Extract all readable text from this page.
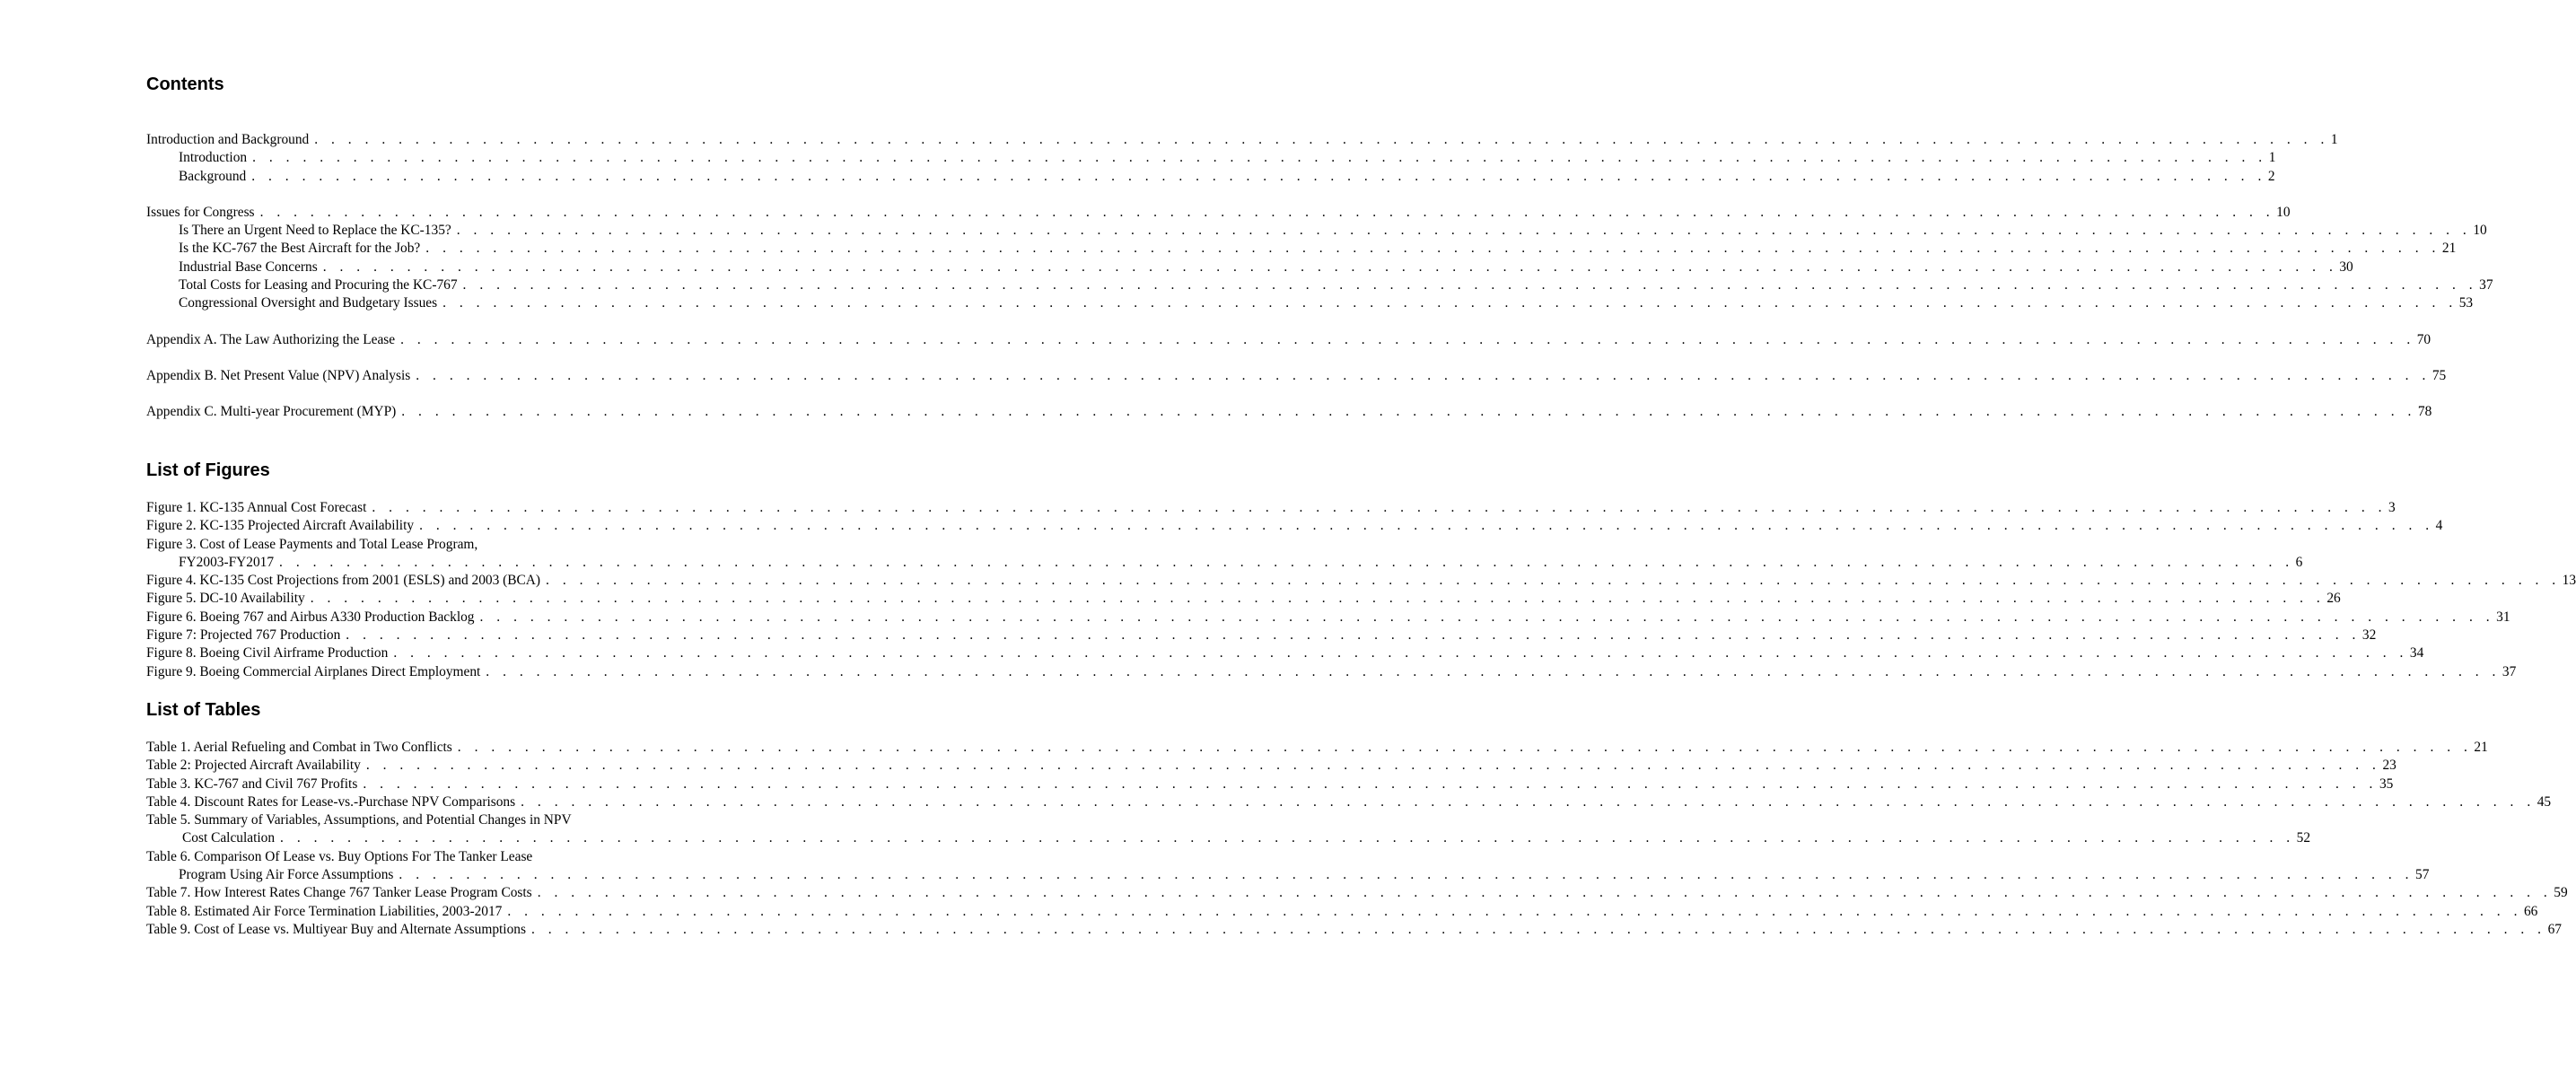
Contents
Introduction and Background . . . . . . . . . . . . . . . . . . . . . . . . . . . . . . . . . . . . . . . . . . . . . . . . . . . . . . . . . . . . . . . . . . . . . . . . . . . . . . . . . . . . . . . . . . . . . . . . . . . . . . . . . . . . . . . . . . . . . . . . 1
Introduction . . . . . . . . . . . . . . . . . . . . . . . . . . . . . . . . . . . . . . . . . . . . . . . . . . . . . . . . . . . . . . . . . . . . . . . . . . . . . . . . . . . . . . . . . . . . . . . . . . . . . . . . . . . . . . . . . . . . . . . . 1
Background . . . . . . . . . . . . . . . . . . . . . . . . . . . . . . . . . . . . . . . . . . . . . . . . . . . . . . . . . . . . . . . . . . . . . . . . . . . . . . . . . . . . . . . . . . . . . . . . . . . . . . . . . . . . . . . . . . . . . . . . 2
Issues for Congress . . . . . . . . . . . . . . . . . . . . . . . . . . . . . . . . . . . . . . . . . . . . . . . . . . . . . . . . . . . . . . . . . . . . . . . . . . . . . . . . . . . . . . . . . . . . . . . . . . . . . . . . . . . . . . . . . . . . . . . . 10
Is There an Urgent Need to Replace the KC-135? . . . . . . . . . . . . . . . . . . . . . . . . . . . . . . . . . . . . . . . . . . . . . . . . . . . . . . . . . . . . . . . . . . . . . . . . . . . . . . . . . . . . . . . . . . . . . . . . . . . . . . . . . . . . . . . . . . . . . . . . 10
Is the KC-767 the Best Aircraft for the Job? . . . . . . . . . . . . . . . . . . . . . . . . . . . . . . . . . . . . . . . . . . . . . . . . . . . . . . . . . . . . . . . . . . . . . . . . . . . . . . . . . . . . . . . . . . . . . . . . . . . . . . . . . . . . . . . . . . . . . . . . 21
Industrial Base Concerns . . . . . . . . . . . . . . . . . . . . . . . . . . . . . . . . . . . . . . . . . . . . . . . . . . . . . . . . . . . . . . . . . . . . . . . . . . . . . . . . . . . . . . . . . . . . . . . . . . . . . . . . . . . . . . . . . . . . . . . . 30
Total Costs for Leasing and Procuring the KC-767 . . . . . . . . . . . . . . . . . . . . . . . . . . . . . . . . . . . . . . . . . . . . . . . . . . . . . . . . . . . . . . . . . . . . . . . . . . . . . . . . . . . . . . . . . . . . . . . . . . . . . . . . . . . . . . . . . . . . . . . . 37
Congressional Oversight and Budgetary Issues . . . . . . . . . . . . . . . . . . . . . . . . . . . . . . . . . . . . . . . . . . . . . . . . . . . . . . . . . . . . . . . . . . . . . . . . . . . . . . . . . . . . . . . . . . . . . . . . . . . . . . . . . . . . . . . . . . . . . . . . 53
Appendix A. The Law Authorizing the Lease . . . . . . . . . . . . . . . . . . . . . . . . . . . . . . . . . . . . . . . . . . . . . . . . . . . . . . . . . . . . . . . . . . . . . . . . . . . . . . . . . . . . . . . . . . . . . . . . . . . . . . . . . . . . . . . . . . . . . . . . 70
Appendix B. Net Present Value (NPV) Analysis . . . . . . . . . . . . . . . . . . . . . . . . . . . . . . . . . . . . . . . . . . . . . . . . . . . . . . . . . . . . . . . . . . . . . . . . . . . . . . . . . . . . . . . . . . . . . . . . . . . . . . . . . . . . . . . . . . . . . . . . 75
Appendix C. Multi-year Procurement (MYP) . . . . . . . . . . . . . . . . . . . . . . . . . . . . . . . . . . . . . . . . . . . . . . . . . . . . . . . . . . . . . . . . . . . . . . . . . . . . . . . . . . . . . . . . . . . . . . . . . . . . . . . . . . . . . . . . . . . . . . . . 78
List of Figures
Figure 1. KC-135 Annual Cost Forecast . . . . . . . . . . . . . . . . . . . . . . . . . . . . . . . . . . . . . . . . . . . . . . . . . . . . . . . . . . . . . . . . . . . . . . . . . . . . . . . . . . . . . . . . . . . . . . . . . . . . . . . . . . . . . . . . . . . . . . . . 3
Figure 2. KC-135 Projected Aircraft Availability . . . . . . . . . . . . . . . . . . . . . . . . . . . . . . . . . . . . . . . . . . . . . . . . . . . . . . . . . . . . . . . . . . . . . . . . . . . . . . . . . . . . . . . . . . . . . . . . . . . . . . . . . . . . . . . . . . . . . . . . 4
Figure 3. Cost of Lease Payments and Total Lease Program,
FY2003-FY2017 . . . . . . . . . . . . . . . . . . . . . . . . . . . . . . . . . . . . . . . . . . . . . . . . . . . . . . . . . . . . . . . . . . . . . . . . . . . . . . . . . . . . . . . . . . . . . . . . . . . . . . . . . . . . . . . . . . . . . . . . 6
Figure 4. KC-135 Cost Projections from 2001 (ESLS) and 2003 (BCA) . . . . . . . . . . . . . . . . . . . . . . . . . . . . . . . . . . . . . . . . . . . . . . . . . . . . . . . . . . . . . . . . . . . . . . . . . . . . . . . . . . . . . . . . . . . . . . . . . . . . . . . . . . . . . . . . . . . . . . . . 13
Figure 5. DC-10 Availability . . . . . . . . . . . . . . . . . . . . . . . . . . . . . . . . . . . . . . . . . . . . . . . . . . . . . . . . . . . . . . . . . . . . . . . . . . . . . . . . . . . . . . . . . . . . . . . . . . . . . . . . . . . . . . . . . . . . . . . . 26
Figure 6. Boeing 767 and Airbus A330 Production Backlog . . . . . . . . . . . . . . . . . . . . . . . . . . . . . . . . . . . . . . . . . . . . . . . . . . . . . . . . . . . . . . . . . . . . . . . . . . . . . . . . . . . . . . . . . . . . . . . . . . . . . . . . . . . . . . . . . . . . . . . . 31
Figure 7: Projected 767 Production . . . . . . . . . . . . . . . . . . . . . . . . . . . . . . . . . . . . . . . . . . . . . . . . . . . . . . . . . . . . . . . . . . . . . . . . . . . . . . . . . . . . . . . . . . . . . . . . . . . . . . . . . . . . . . . . . . . . . . . . 32
Figure 8. Boeing Civil Airframe Production . . . . . . . . . . . . . . . . . . . . . . . . . . . . . . . . . . . . . . . . . . . . . . . . . . . . . . . . . . . . . . . . . . . . . . . . . . . . . . . . . . . . . . . . . . . . . . . . . . . . . . . . . . . . . . . . . . . . . . . . 34
Figure 9. Boeing Commercial Airplanes Direct Employment . . . . . . . . . . . . . . . . . . . . . . . . . . . . . . . . . . . . . . . . . . . . . . . . . . . . . . . . . . . . . . . . . . . . . . . . . . . . . . . . . . . . . . . . . . . . . . . . . . . . . . . . . . . . . . . . . . . . . . . . 37
List of Tables
Table 1. Aerial Refueling and Combat in Two Conflicts . . . . . . . . . . . . . . . . . . . . . . . . . . . . . . . . . . . . . . . . . . . . . . . . . . . . . . . . . . . . . . . . . . . . . . . . . . . . . . . . . . . . . . . . . . . . . . . . . . . . . . . . . . . . . . . . . . . . . . . . 21
Table 2: Projected Aircraft Availability . . . . . . . . . . . . . . . . . . . . . . . . . . . . . . . . . . . . . . . . . . . . . . . . . . . . . . . . . . . . . . . . . . . . . . . . . . . . . . . . . . . . . . . . . . . . . . . . . . . . . . . . . . . . . . . . . . . . . . . . 23
Table 3. KC-767 and Civil 767 Profits . . . . . . . . . . . . . . . . . . . . . . . . . . . . . . . . . . . . . . . . . . . . . . . . . . . . . . . . . . . . . . . . . . . . . . . . . . . . . . . . . . . . . . . . . . . . . . . . . . . . . . . . . . . . . . . . . . . . . . . . 35
Table 4. Discount Rates for Lease-vs.-Purchase NPV Comparisons . . . . . . . . . . . . . . . . . . . . . . . . . . . . . . . . . . . . . . . . . . . . . . . . . . . . . . . . . . . . . . . . . . . . . . . . . . . . . . . . . . . . . . . . . . . . . . . . . . . . . . . . . . . . . . . . . . . . . . . . 45
Table 5. Summary of Variables, Assumptions, and Potential Changes in NPV
Cost Calculation . . . . . . . . . . . . . . . . . . . . . . . . . . . . . . . . . . . . . . . . . . . . . . . . . . . . . . . . . . . . . . . . . . . . . . . . . . . . . . . . . . . . . . . . . . . . . . . . . . . . . . . . . . . . . . . . . . . . . . . . 52
Table 6. Comparison Of Lease vs. Buy Options For The Tanker Lease
Program Using Air Force Assumptions . . . . . . . . . . . . . . . . . . . . . . . . . . . . . . . . . . . . . . . . . . . . . . . . . . . . . . . . . . . . . . . . . . . . . . . . . . . . . . . . . . . . . . . . . . . . . . . . . . . . . . . . . . . . . . . . . . . . . . . . 57
Table 7. How Interest Rates Change 767 Tanker Lease Program Costs . . . . . . . . . . . . . . . . . . . . . . . . . . . . . . . . . . . . . . . . . . . . . . . . . . . . . . . . . . . . . . . . . . . . . . . . . . . . . . . . . . . . . . . . . . . . . . . . . . . . . . . . . . . . . . . . . . . . . . . . 59
Table 8. Estimated Air Force Termination Liabilities, 2003-2017 . . . . . . . . . . . . . . . . . . . . . . . . . . . . . . . . . . . . . . . . . . . . . . . . . . . . . . . . . . . . . . . . . . . . . . . . . . . . . . . . . . . . . . . . . . . . . . . . . . . . . . . . . . . . . . . . . . . . . . . . 66
Table 9. Cost of Lease vs. Multiyear Buy and Alternate Assumptions . . . . . . . . . . . . . . . . . . . . . . . . . . . . . . . . . . . . . . . . . . . . . . . . . . . . . . . . . . . . . . . . . . . . . . . . . . . . . . . . . . . . . . . . . . . . . . . . . . . . . . . . . . . . . . . . . . . . . . . . 67
